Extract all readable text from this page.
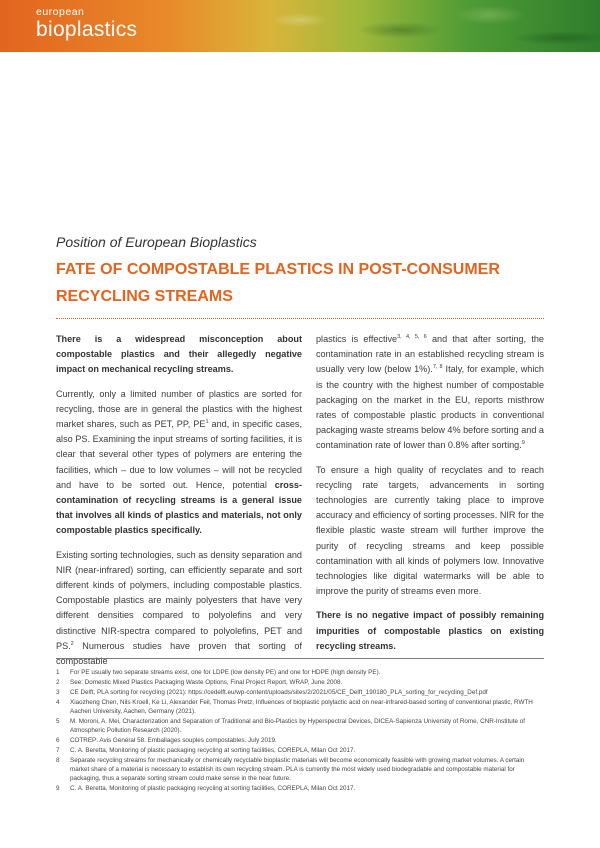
european
bioplastics
Position of European Bioplastics
FATE OF COMPOSTABLE PLASTICS IN POST-CONSUMER RECYCLING STREAMS

There is a widespread misconception about compostable plastics and their allegedly negative impact on mechanical recycling streams.

Currently, only a limited number of plastics are sorted for recycling, those are in general the plastics with the highest market shares, such as PET, PP, $PE^1$ and, in specific cases, also PS. Examining the input streams of sorting facilities, it is clear that several other types of polymers are entering the facilities, which – due to low volumes – will not be recycled and have to be sorted out. Hence, potential cross-contamination of recycling streams is a general issue that involves all kinds of plastics and materials, not only compostable plastics specifically.

Existing sorting technologies, such as density separation and NIR (near-infrared) sorting, can efficiently separate and sort different kinds of polymers, including compostable plastics. Compostable plastics are mainly polyesters that have very different densities compared to polyolefins and very distinctive NIR-spectra compared to polyolefins, PET and PS.$^2$ Numerous studies have proven that sorting of compostable

plastics is effective$^{3, 4, 5, 6}$ and that after sorting, the contamination rate in an established recycling stream is usually very low (below 1%).$^{7, 8}$ Italy, for example, which is the country with the highest number of compostable packaging on the market in the EU, reports misthrow rates of compostable plastic products in conventional packaging waste streams below 4% before sorting and a contamination rate of lower than 0.8% after sorting.$^9$

To ensure a high quality of recyclates and to reach recycling rate targets, advancements in sorting technologies are currently taking place to improve accuracy and efficiency of sorting processes. NIR for the flexible plastic waste stream will further improve the purity of recycling streams and keep possible contamination with all kinds of polymers low. Innovative technologies like digital watermarks will be able to improve the purity of streams even more.

There is no negative impact of possibly remaining impurities of compostable plastics on existing recycling streams.

1	For PE usually two separate streams exist, one for LDPE (low density PE) and one for HDPE (high density PE).
2	See: Domestic Mixed Plastics Packaging Waste Options, Final Project Report, WRAP, June 2008.
3	CE Delft, PLA sorting for recycling (2021): https://cedelft.eu/wp-content/uploads/sites/2/2021/05/CE_Delft_190180_PLA_sorting_for_recycling_Def.pdf
4	Xiaozheng Chen, Nils Kroell, Ke Li, Alexander Feil, Thomas Pretz, Influences of bioplastic polylactic acid on near-infrared-based sorting of conventional plastic, RWTH Aachen University, Aachen, Germany (2021).
5	M. Moroni, A. Mei, Characterization and Separation of Traditional and Bio-Plastics by Hyperspectral Devices, DICEA-Sapienza University of Rome, CNR-Institute of Atmospheric Pollution Research (2020).
6	COTREP: Avis Général 58. Emballages souples compostables. July 2019.
7	C. A. Beretta, Monitoring of plastic packaging recycling at sorting facilities, COREPLA, Milan Oct 2017.
8	Separate recycling streams for mechanically or chemically recyclable bioplastic materials will become economically feasible with growing market volumes. A certain market share of a material is necessary to establish its own recycling stream. PLA is currently the most widely used biodegradable and compostable material for packaging, thus a separate sorting stream could make sense in the near future.
9	C. A. Beretta, Monitoring of plastic packaging recycling at sorting facilities, COREPLA, Milan Oct 2017.
